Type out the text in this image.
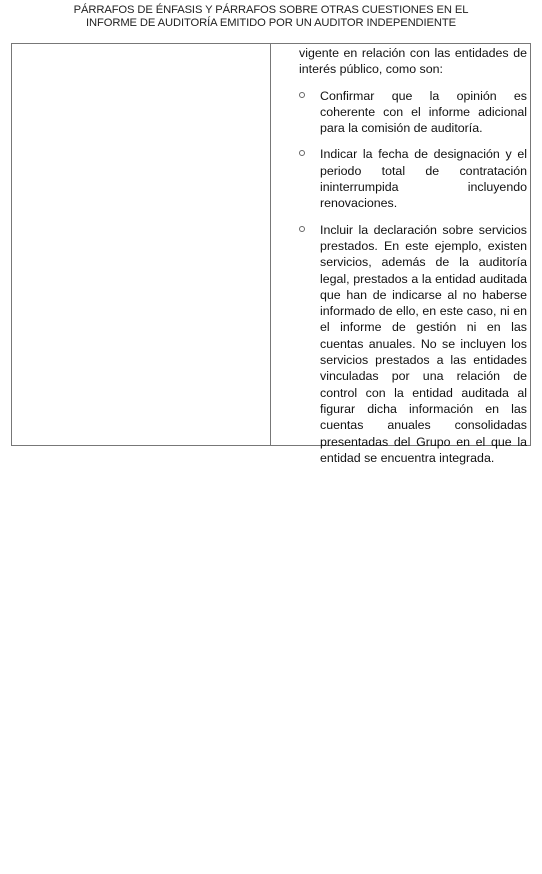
PÁRRAFOS DE ÉNFASIS Y PÁRRAFOS SOBRE OTRAS CUESTIONES EN EL
INFORME DE AUDITORÍA EMITIDO POR UN AUDITOR INDEPENDIENTE

vigente en relación con las entidades de interés público, como son:

Confirmar que la opinión es coherente con el informe adicional para la comisión de auditoría.
Indicar la fecha de designación y el periodo total de contratación ininterrumpida incluyendo renovaciones.
Incluir la declaración sobre servicios prestados. En este ejemplo, existen servicios, además de la auditoría legal, prestados a la entidad auditada que han de indicarse al no haberse informado de ello, en este caso, ni en el informe de gestión ni en las cuentas anuales. No se incluyen los servicios prestados a las entidades vinculadas por una relación de control con la entidad auditada al figurar dicha información en las cuentas anuales consolidadas presentadas del Grupo en el que la entidad se encuentra integrada.
